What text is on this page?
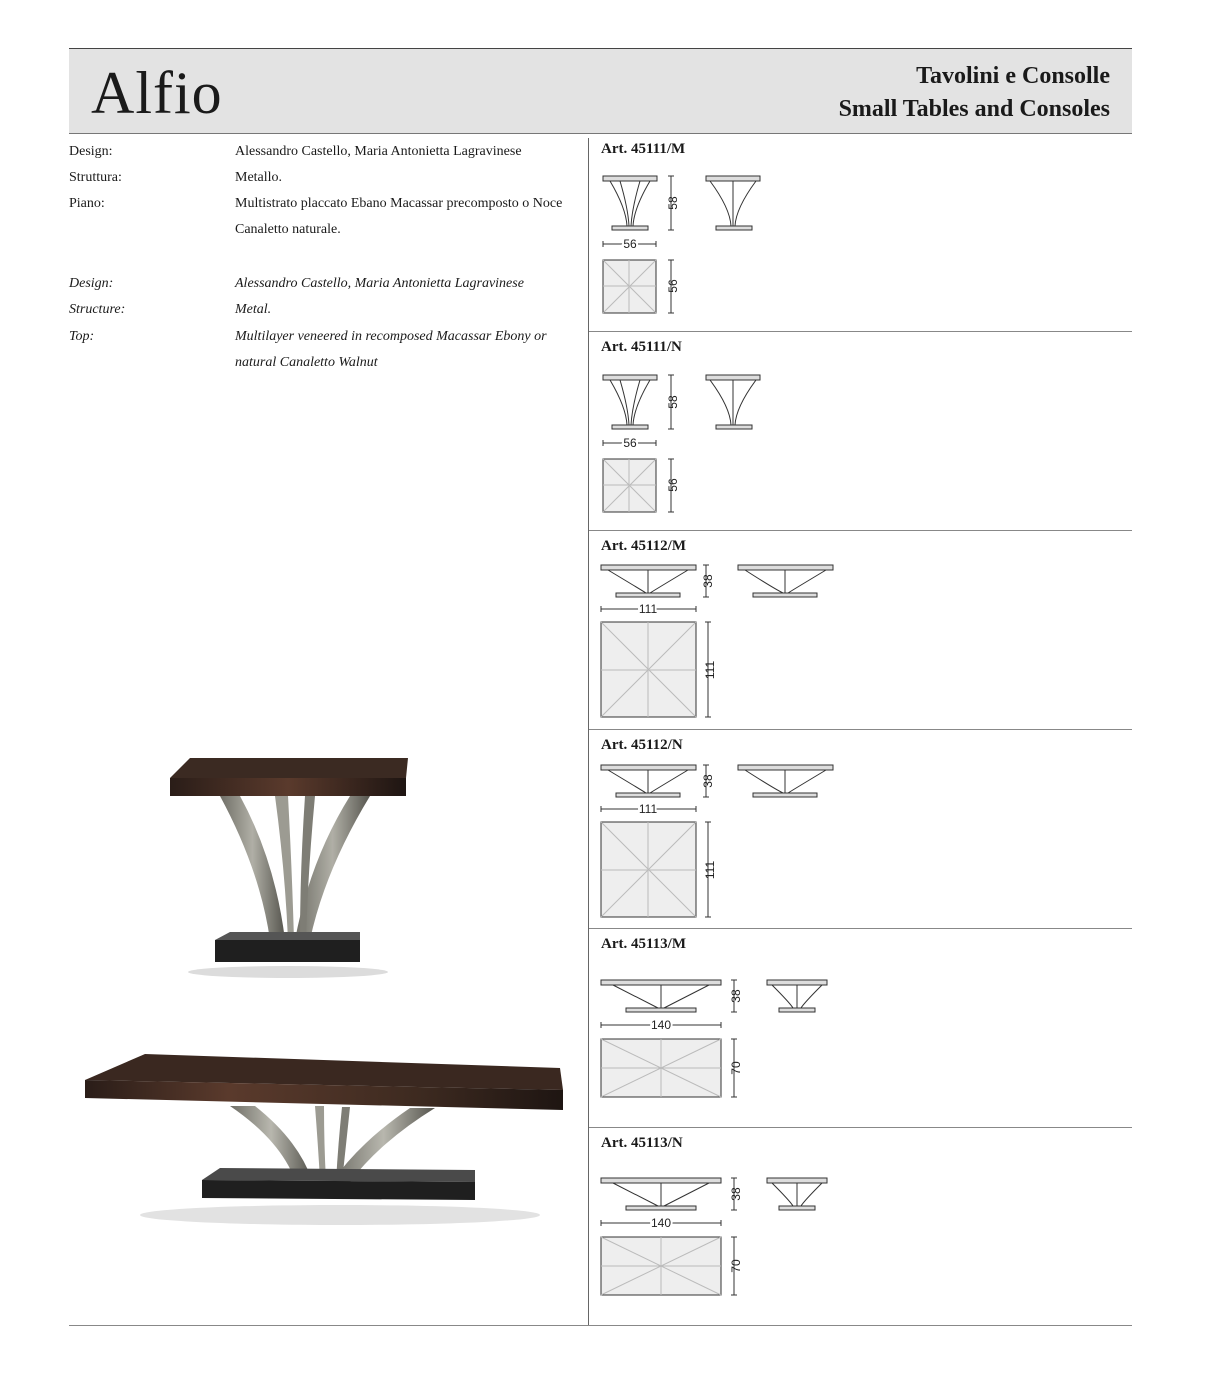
Alfio	Tavolini e Consolle
Small Tables and Consoles
Design:	Alessandro Castello, Maria Antonietta Lagravinese
Struttura:	Metallo.
Piano:	Multistrato placcato Ebano Macassar precomposto o Noce Canaletto naturale.
Design:	Alessandro Castello, Maria Antonietta Lagravinese
Structure:	Metal.
Top:	Multilayer veneered in recomposed Macassar Ebony or natural Canaletto Walnut
Art. 45111/M
58
56
56
Art. 45111/N
58
56
56
Art. 45112/M
38
111
111
Art. 45112/N
38
111
111
Art. 45113/M
38
140
70
Art. 45113/N
38
140
70
